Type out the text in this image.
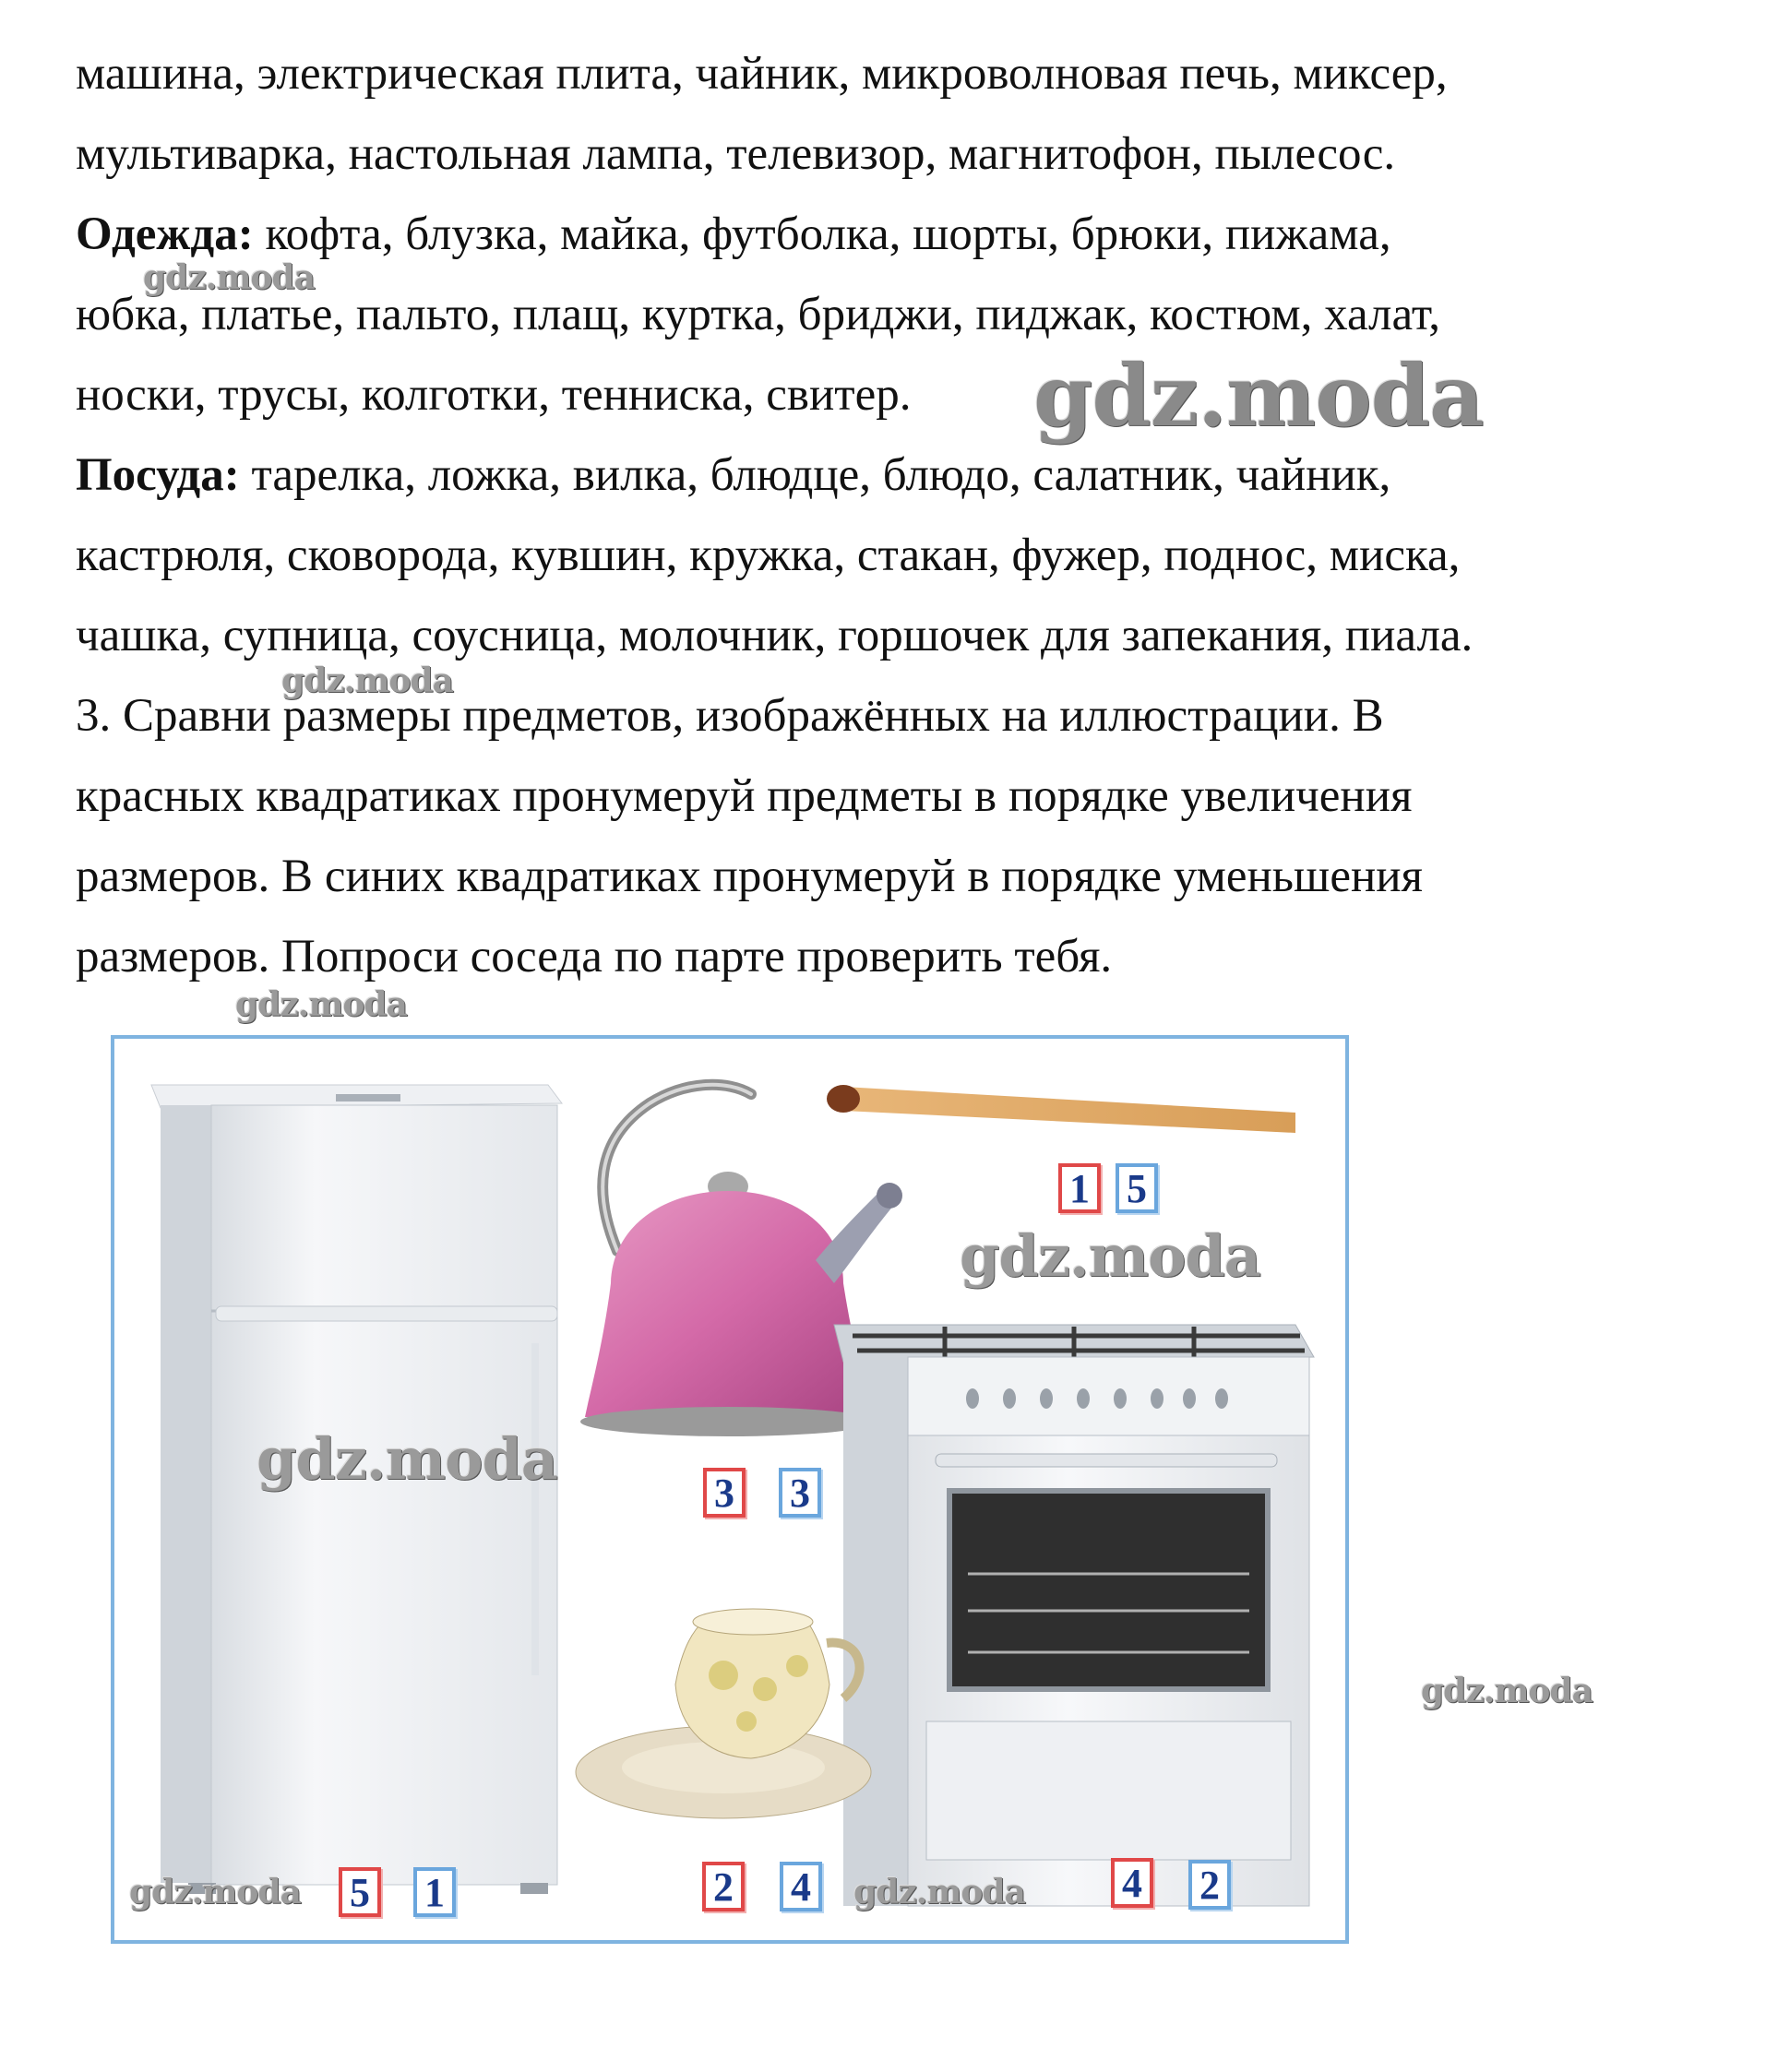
машина, электрическая плита, чайник, микроволновая печь, миксер,
мультиварка, настольная лампа, телевизор, магнитофон, пылесос.
Одежда: кофта, блузка, майка, футболка, шорты, брюки, пижама,
юбка, платье, пальто, плащ, куртка, бриджи, пиджак, костюм, халат,
носки, трусы, колготки, тенниска, свитер.
Посуда: тарелка, ложка, вилка, блюдце, блюдо, салатник, чайник,
кастрюля, сковорода, кувшин, кружка, стакан, фужер, поднос, миска,
чашка, супница, соусница, молочник, горшочек для запекания, пиала.
3. Сравни размеры предметов, изображённых на иллюстрации. В
красных квадратиках пронумеруй предметы в порядке увеличения
размеров. В синих квадратиках пронумеруй в порядке уменьшения
размеров. Попроси соседа по парте проверить тебя.
1 5
3 3
5 1	2 4	4 2
gdz.moda
gdz.moda
gdz.moda
gdz.moda
gdz.moda
gdz.moda
gdz.moda
gdz.moda	gdz.moda
